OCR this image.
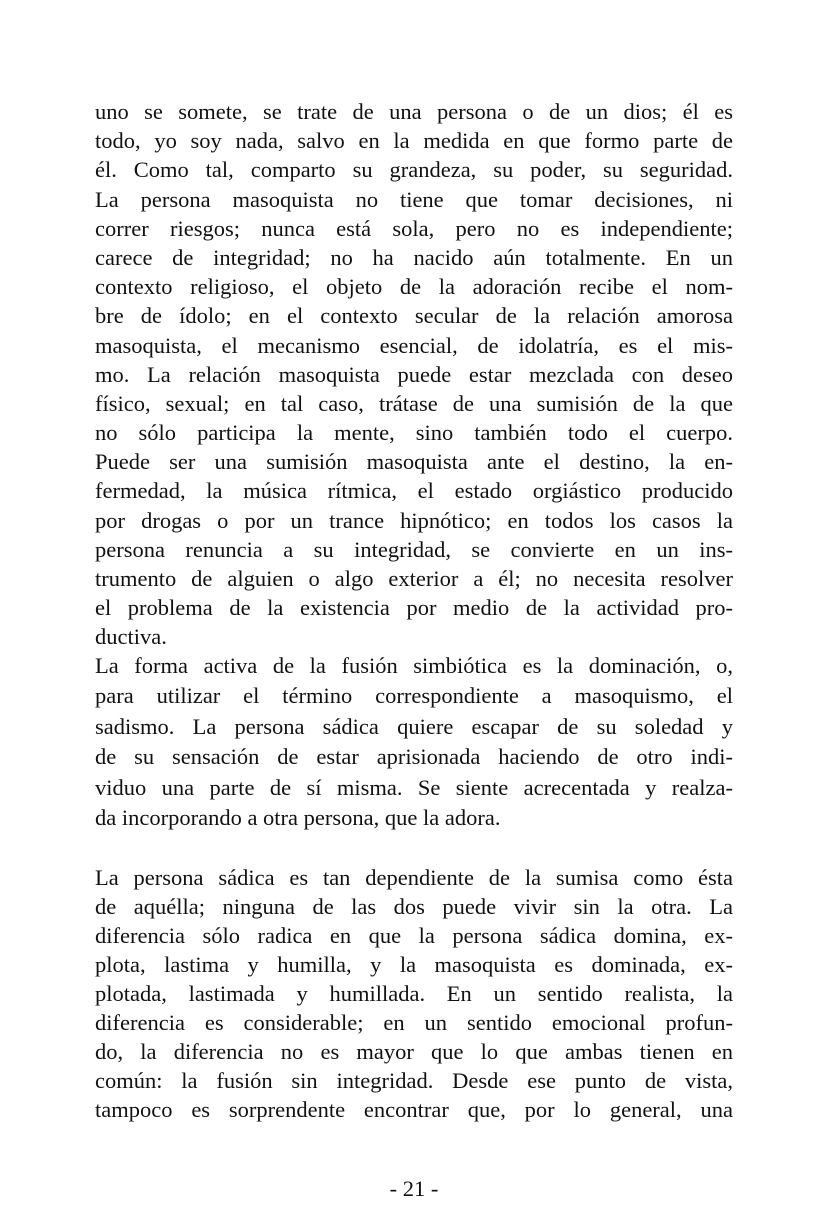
uno se somete, se trate de una persona o de un dios; él es
todo, yo soy nada, salvo en la medida en que formo parte de
él. Como tal, comparto su grandeza, su poder, su seguridad.
La persona masoquista no tiene que tomar decisiones, ni
correr riesgos; nunca está sola, pero no es independiente;
carece de integridad; no ha nacido aún totalmente. En un
contexto religioso, el objeto de la adoración recibe el nom-
bre de ídolo; en el contexto secular de la relación amorosa
masoquista, el mecanismo esencial, de idolatría, es el mis-
mo. La relación masoquista puede estar mezclada con deseo
físico, sexual; en tal caso, trátase de una sumisión de la que
no sólo participa la mente, sino también todo el cuerpo.
Puede ser una sumisión masoquista ante el destino, la en-
fermedad, la música rítmica, el estado orgiástico producido
por drogas o por un trance hipnótico; en todos los casos la
persona renuncia a su integridad, se convierte en un ins-
trumento de alguien o algo exterior a él; no necesita resolver
el problema de la existencia por medio de la actividad pro-
ductiva.
La forma activa de la fusión simbiótica es la dominación, o,
para utilizar el término correspondiente a masoquismo, el
sadismo. La persona sádica quiere escapar de su soledad y
de su sensación de estar aprisionada haciendo de otro indi-
viduo una parte de sí misma. Se siente acrecentada y realza-
da incorporando a otra persona, que la adora.
La persona sádica es tan dependiente de la sumisa como ésta
de aquélla; ninguna de las dos puede vivir sin la otra. La
diferencia sólo radica en que la persona sádica domina, ex-
plota, lastima y humilla, y la masoquista es dominada, ex-
plotada, lastimada y humillada. En un sentido realista, la
diferencia es considerable; en un sentido emocional profun-
do, la diferencia no es mayor que lo que ambas tienen en
común: la fusión sin integridad. Desde ese punto de vista,
tampoco es sorprendente encontrar que, por lo general, una
- 21 -
